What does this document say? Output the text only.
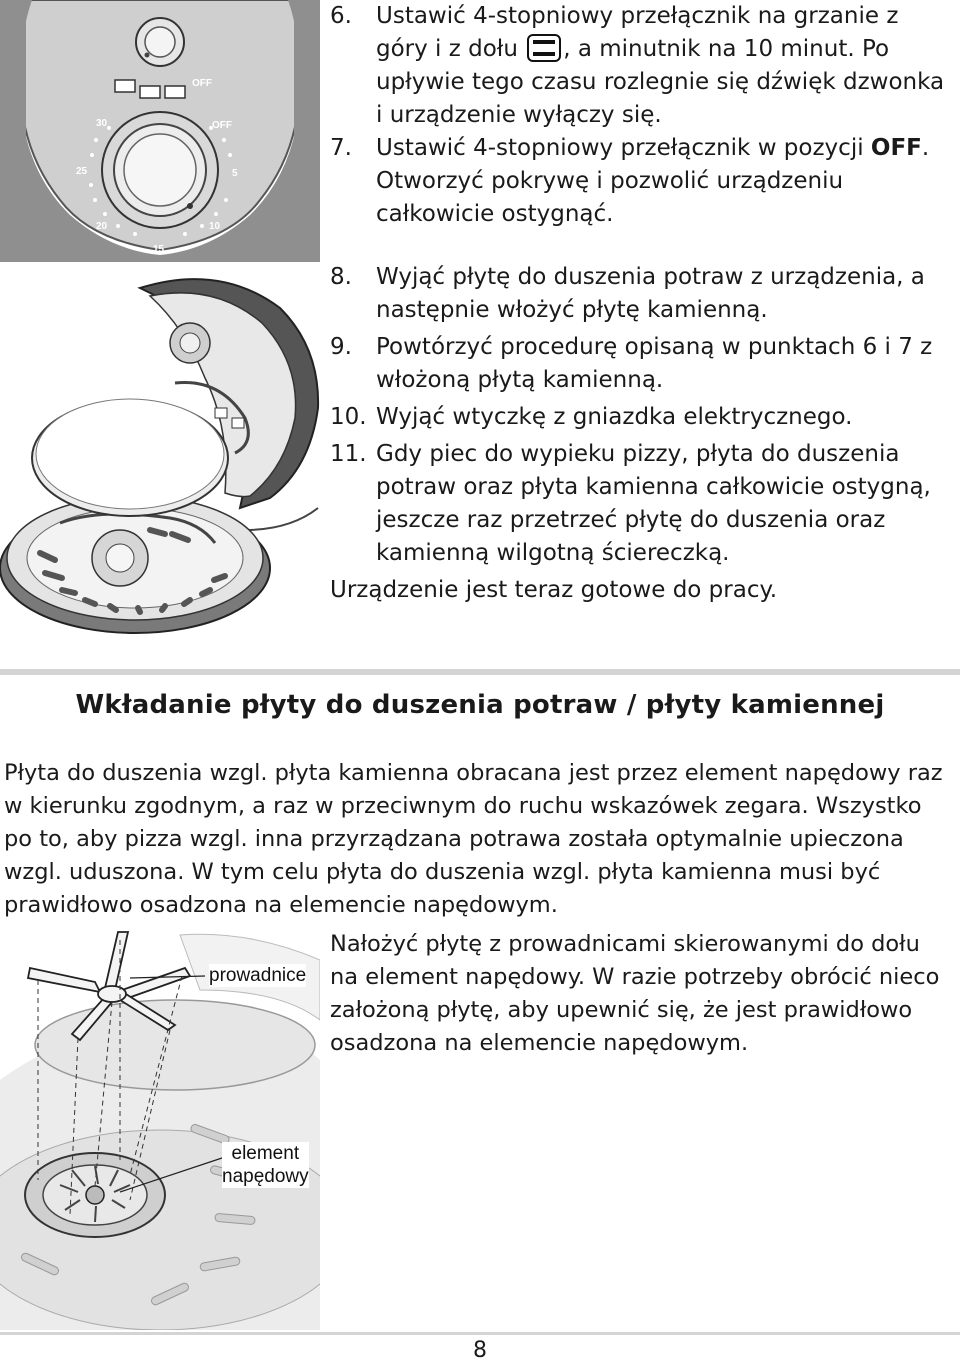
OFF
OFF
30
25
20
15
10
5
6. Ustawić 4-stopniowy przełącznik na grzanie z góry i z dołu , a minutnik na 10 minut. Po upływie tego czasu rozlegnie się dźwięk dzwonka i urządzenie wyłączy się.
7. Ustawić 4-stopniowy przełącznik w pozycji OFF. Otworzyć pokrywę i pozwolić urządzeniu całkowicie ostygnąć.
8. Wyjąć płytę do duszenia potraw z urządzenia, a następnie włożyć płytę kamienną.
9. Powtórzyć procedurę opisaną w punktach 6 i 7 z włożoną płytą kamienną.
10. Wyjąć wtyczkę z gniazdka elektrycznego.
11. Gdy piec do wypieku pizzy, płyta do duszenia potraw oraz płyta kamienna całkowicie ostygną, jeszcze raz przetrzeć płytę do duszenia oraz kamienną wilgotną ściereczką.
Urządzenie jest teraz gotowe do pracy.
Wkładanie płyty do duszenia potraw / płyty kamiennej

Płyta do duszenia wzgl. płyta kamienna obracana jest przez element napędowy raz w kierunku zgodnym, a raz w przeciwnym do ruchu wskazówek zegara. Wszystko po to, aby pizza wzgl. inna przyrządzana potrawa została optymalnie upieczona wzgl. uduszona. W tym celu płyta do duszenia wzgl. płyta kamienna musi być prawidłowo osadzona na elemencie napędowym.

prowadnice
element
napędowy

Nałożyć płytę z prowadnicami skierowanymi do dołu na element napędowy. W razie potrzeby obrócić nieco założoną płytę, aby upewnić się, że jest prawidłowo osadzona na elemencie napędowym.

8
